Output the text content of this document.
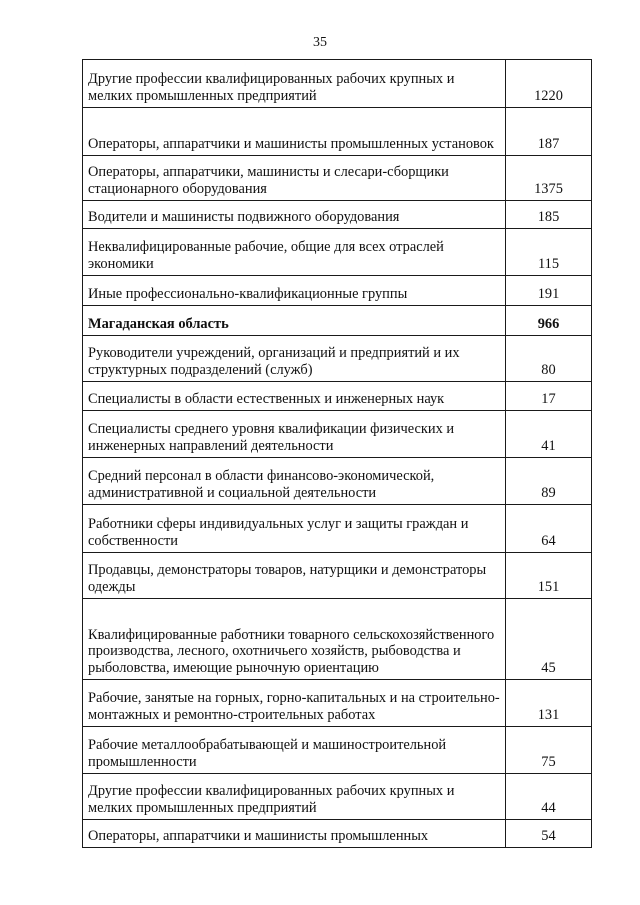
35
Другие профессии квалифицированных рабочих крупных и мелких промышленных предприятий	1220
Операторы, аппаратчики и машинисты промышленных установок	187
Операторы, аппаратчики, машинисты и слесари-сборщики стационарного оборудования	1375
Водители и машинисты подвижного оборудования	185
Неквалифицированные рабочие, общие для всех отраслей экономики	115
Иные профессионально-квалификационные группы	191
Магаданская область	966
Руководители учреждений, организаций и предприятий и их структурных подразделений (служб)	80
Специалисты в области естественных и инженерных наук	17
Специалисты среднего уровня квалификации физических и инженерных направлений деятельности	41
Средний персонал в области финансово-экономической, административной и социальной деятельности	89
Работники сферы индивидуальных услуг и защиты граждан и собственности	64
Продавцы, демонстраторы товаров, натурщики и демонстраторы одежды	151
Квалифицированные работники товарного сельскохозяйственного производства, лесного, охотничьего хозяйств, рыбоводства и рыболовства, имеющие рыночную ориентацию	45
Рабочие, занятые на горных, горно-капитальных и на строительно-монтажных и ремонтно-строительных работах	131
Рабочие металлообрабатывающей и машиностроительной промышленности	75
Другие профессии квалифицированных рабочих крупных и мелких промышленных предприятий	44
Операторы, аппаратчики и машинисты промышленных	54
